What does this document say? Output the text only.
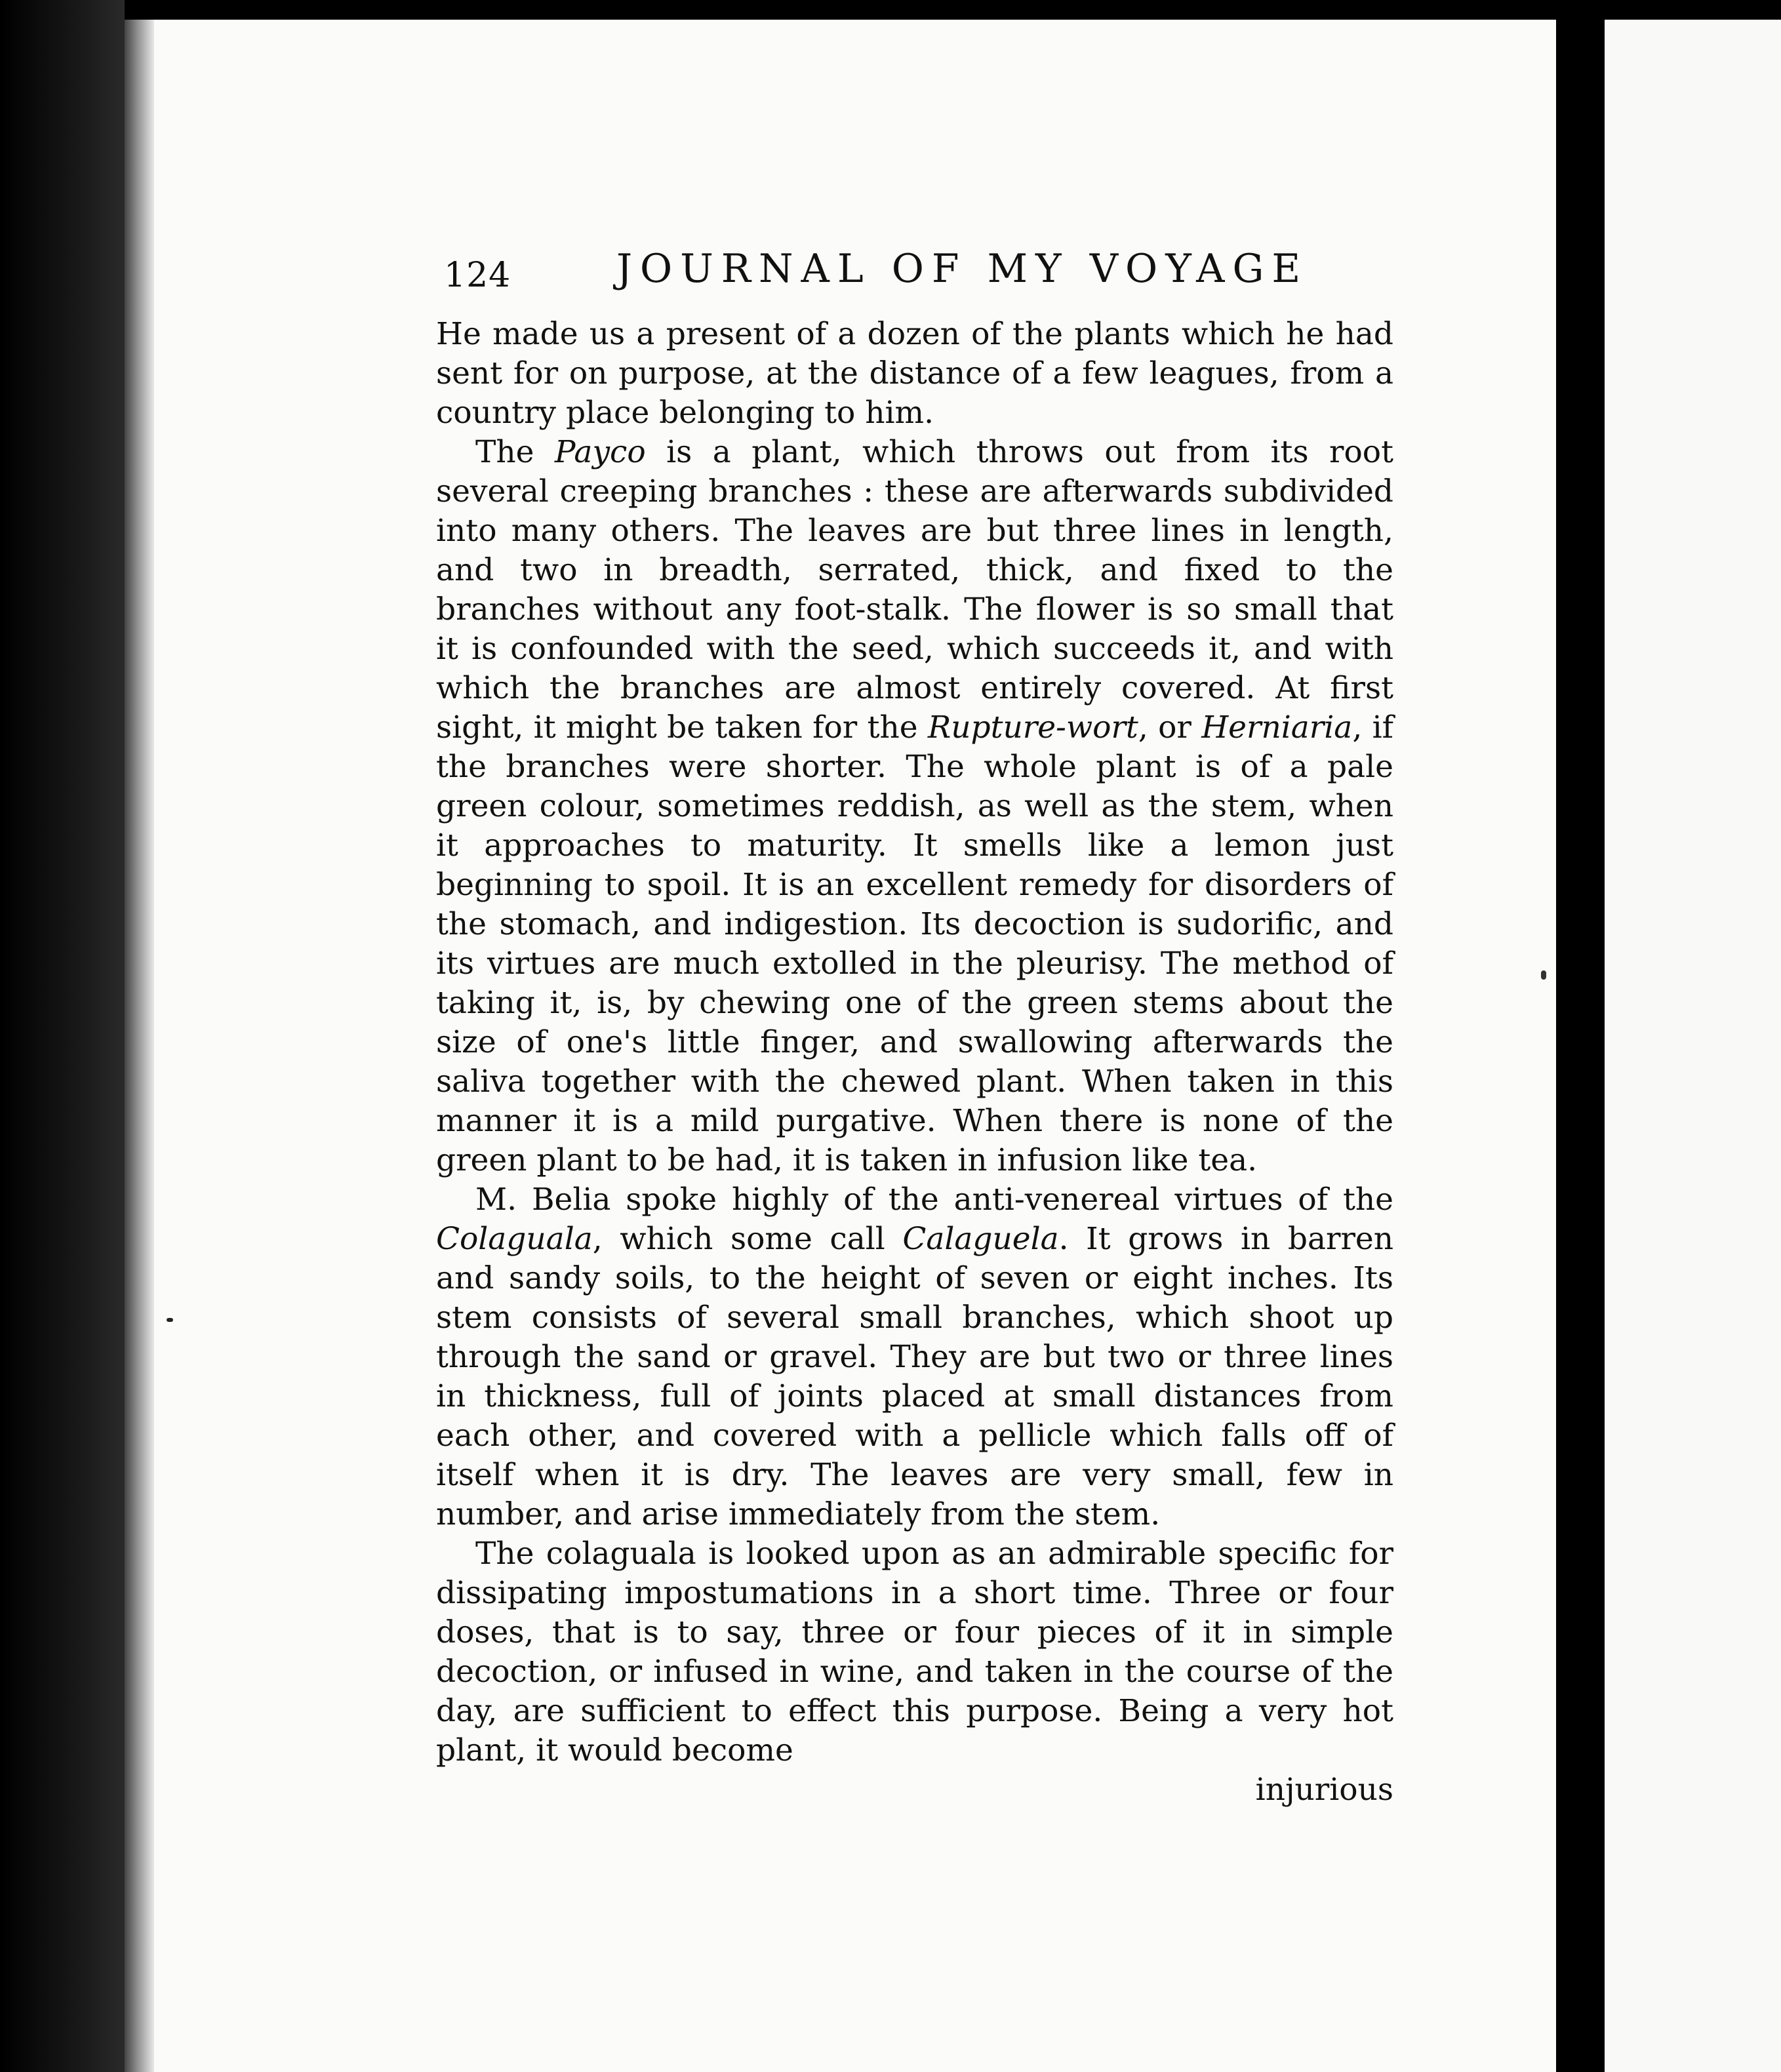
124	JOURNAL OF MY VOYAGE

He made us a present of a dozen of the plants which he had sent for on purpose, at the distance of a few leagues, from a country place belonging to him.

The Payco is a plant, which throws out from its root several creeping branches : these are afterwards subdivided into many others. The leaves are but three lines in length, and two in breadth, serrated, thick, and fixed to the branches without any foot-stalk. The flower is so small that it is confounded with the seed, which succeeds it, and with which the branches are almost entirely covered. At first sight, it might be taken for the Rupture-wort, or Herniaria, if the branches were shorter. The whole plant is of a pale green colour, sometimes reddish, as well as the stem, when it approaches to maturity. It smells like a lemon just beginning to spoil. It is an excellent remedy for disorders of the stomach, and indigestion. Its decoction is sudorific, and its virtues are much extolled in the pleurisy. The method of taking it, is, by chewing one of the green stems about the size of one's little finger, and swallowing afterwards the saliva together with the chewed plant. When taken in this manner it is a mild purgative. When there is none of the green plant to be had, it is taken in infusion like tea.

M. Belia spoke highly of the anti-venereal virtues of the Colaguala, which some call Calaguela. It grows in barren and sandy soils, to the height of seven or eight inches. Its stem consists of several small branches, which shoot up through the sand or gravel. They are but two or three lines in thickness, full of joints placed at small distances from each other, and covered with a pellicle which falls off of itself when it is dry. The leaves are very small, few in number, and arise immediately from the stem.

The colaguala is looked upon as an admirable specific for dissipating impostumations in a short time. Three or four doses, that is to say, three or four pieces of it in simple decoction, or infused in wine, and taken in the course of the day, are sufficient to effect this purpose. Being a very hot plant, it would become

injurious
